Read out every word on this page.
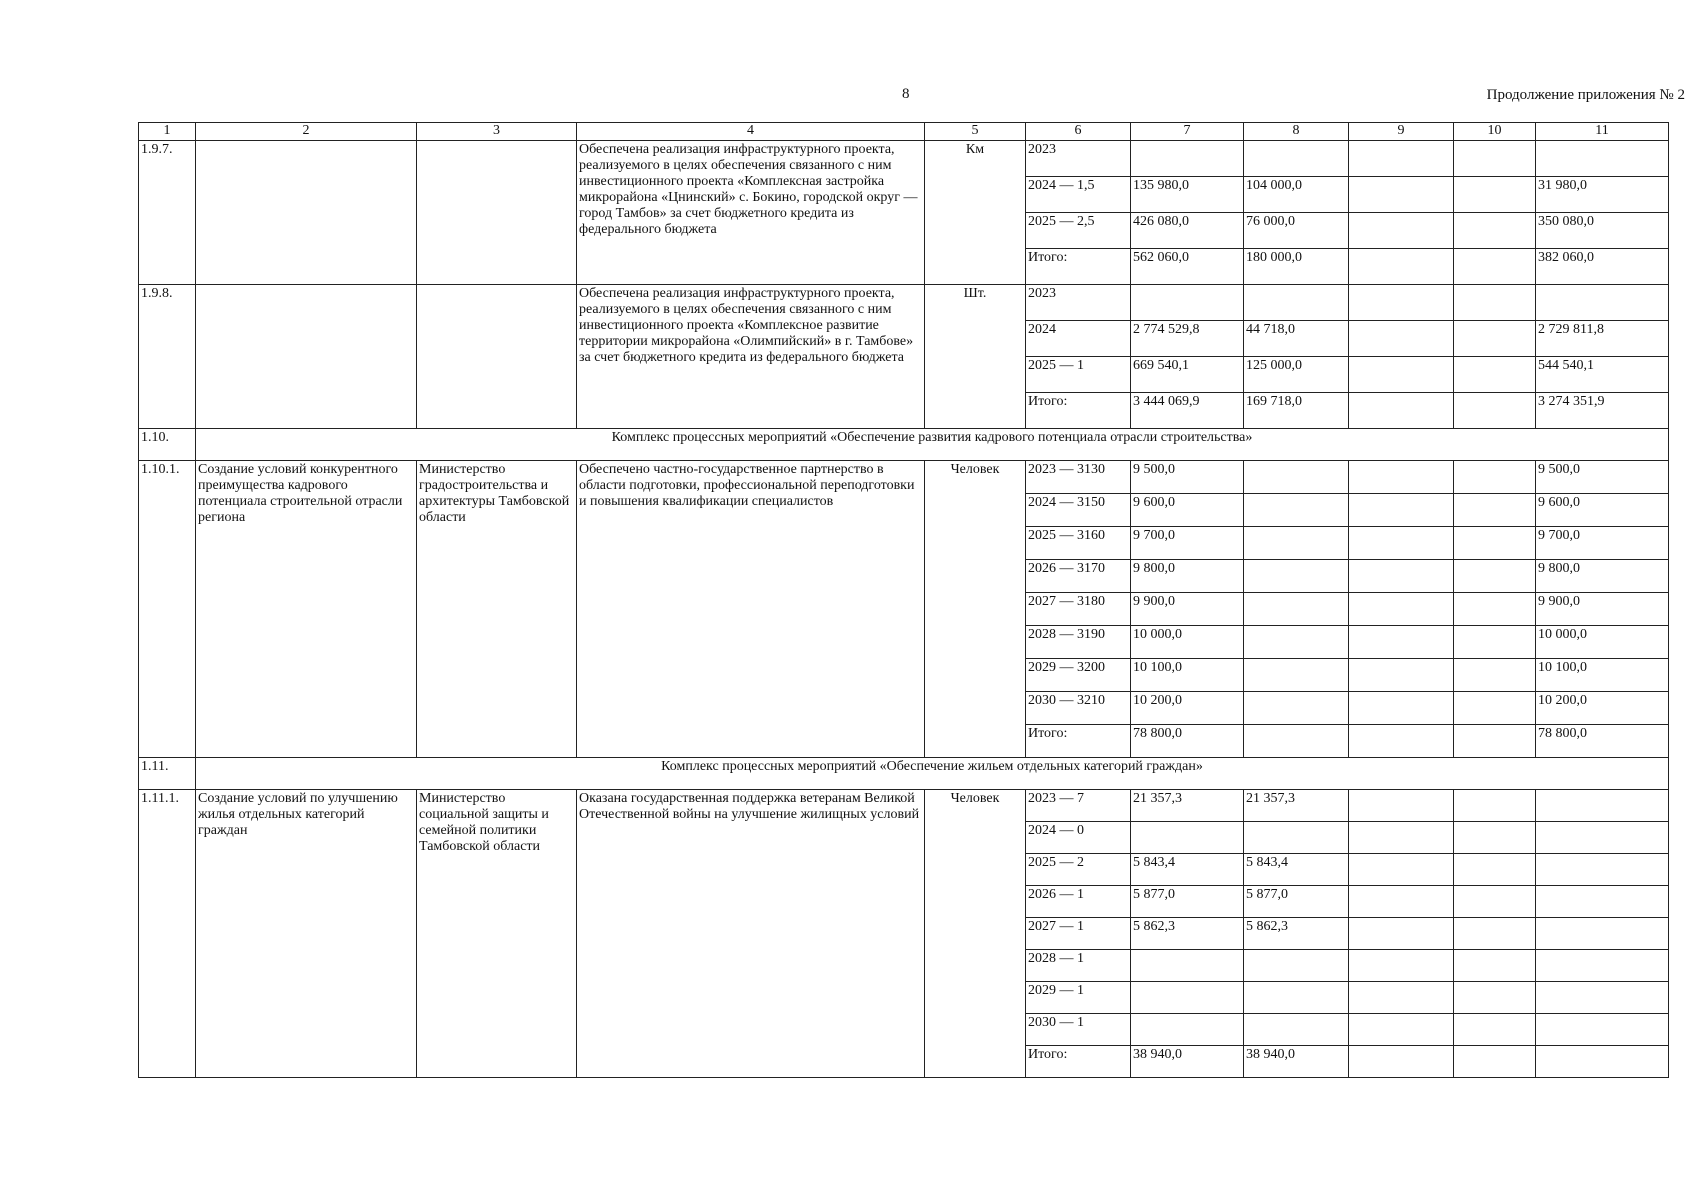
8	Продолжение приложения № 2
1	2	3	4	5	6	7	8	9	10	11
1.9.7.			Обеспечена реализация инфраструктурного проекта, реализуемого в целях обеспечения связанного с ним инвестиционного проекта «Комплексная застройка микрорайона «Цнинский» с. Бокино, городской округ — город Тамбов» за счет бюджетного кредита из федерального бюджета	Км	2023					
					2024 — 1,5	135 980,0	104 000,0			31 980,0
					2025 — 2,5	426 080,0	76 000,0			350 080,0
					Итого:	562 060,0	180 000,0			382 060,0
1.9.8.			Обеспечена реализация инфраструктурного проекта, реализуемого в целях обеспечения связанного с ним инвестиционного проекта «Комплексное развитие территории микрорайона «Олимпийский» в г. Тамбове» за счет бюджетного кредита из федерального бюджета	Шт.	2023					
					2024	2 774 529,8	44 718,0			2 729 811,8
					2025 — 1	669 540,1	125 000,0			544 540,1
					Итого:	3 444 069,9	169 718,0			3 274 351,9
1.10.	Комплекс процессных мероприятий «Обеспечение развития кадрового потенциала отрасли строительства»									
1.10.1.	Создание условий конкурентного преимущества кадрового потенциала строительной отрасли региона	Министерство градостроительства и архитектуры Тамбовской области	Обеспечено частно-государственное партнерство в области подготовки, профессиональной переподготовки и повышения квалификации специалистов	Человек	2023 — 3130	9 500,0				9 500,0
					2024 — 3150	9 600,0				9 600,0
					2025 — 3160	9 700,0				9 700,0
					2026 — 3170	9 800,0				9 800,0
					2027 — 3180	9 900,0				9 900,0
					2028 — 3190	10 000,0				10 000,0
					2029 — 3200	10 100,0				10 100,0
					2030 — 3210	10 200,0				10 200,0
					Итого:	78 800,0				78 800,0
1.11.	Комплекс процессных мероприятий «Обеспечение жильем отдельных категорий граждан»									
1.11.1.	Создание условий по улучшению жилья отдельных категорий граждан	Министерство социальной защиты и семейной политики Тамбовской области	Оказана государственная поддержка ветеранам Великой Отечественной войны на улучшение жилищных условий	Человек	2023 — 7	21 357,3	21 357,3			
					2024 — 0					
					2025 — 2	5 843,4	5 843,4			
					2026 — 1	5 877,0	5 877,0			
					2027 — 1	5 862,3	5 862,3			
					2028 — 1					
					2029 — 1					
					2030 — 1					
					Итого:	38 940,0	38 940,0			
